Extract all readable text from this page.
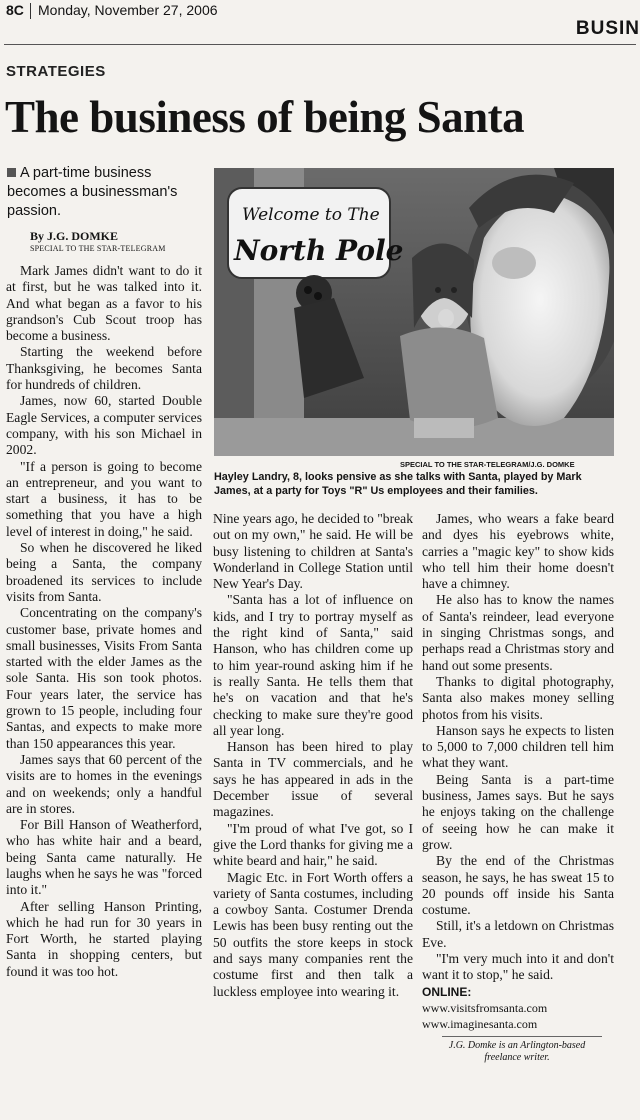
8C Monday, November 27, 2006
BUSIN
STRATEGIES
The business of being Santa
A part-time business becomes a businessman's passion.
By J.G. DOMKE
SPECIAL TO THE STAR-TELEGRAM
Welcome to The
North Pole
SPECIAL TO THE STAR-TELEGRAM/J.G. DOMKE
Hayley Landry, 8, looks pensive as she talks with Santa, played by Mark James, at a party for Toys "R" Us employees and their families.

Mark James didn't want to do it at first, but he was talked into it. And what began as a favor to his grandson's Cub Scout troop has become a business.

Starting the weekend before Thanksgiving, he becomes Santa for hundreds of children.

James, now 60, started Double Eagle Services, a computer services company, with his son Michael in 2002.

"If a person is going to become an entrepreneur, and you want to start a business, it has to be something that you have a high level of interest in doing," he said.

So when he discovered he liked being a Santa, the company broadened its services to include visits from Santa.

Concentrating on the company's customer base, private homes and small businesses, Visits From Santa started with the elder James as the sole Santa. His son took photos. Four years later, the service has grown to 15 people, including four Santas, and expects to make more than 150 appearances this year.

James says that 60 percent of the visits are to homes in the evenings and on weekends; only a handful are in stores.

For Bill Hanson of Weatherford, who has white hair and a beard, being Santa came naturally. He laughs when he says he was "forced into it."

After selling Hanson Printing, which he had run for 30 years in Fort Worth, he started playing Santa in shopping centers, but found it was too hot.

Nine years ago, he decided to "break out on my own," he said. He will be busy listening to children at Santa's Wonderland in College Station until New Year's Day.

"Santa has a lot of influence on kids, and I try to portray myself as the right kind of Santa," said Hanson, who has children come up to him year-round asking him if he is really Santa. He tells them that he's on vacation and that he's checking to make sure they're good all year long.

Hanson has been hired to play Santa in TV commercials, and he says he has appeared in ads in the December issue of several magazines.

"I'm proud of what I've got, so I give the Lord thanks for giving me a white beard and hair," he said.

Magic Etc. in Fort Worth offers a variety of Santa costumes, including a cowboy Santa. Costumer Drenda Lewis has been busy renting out the 50 outfits the store keeps in stock and says many companies rent the costume first and then talk a luckless employee into wearing it.

James, who wears a fake beard and dyes his eyebrows white, carries a "magic key" to show kids who tell him their home doesn't have a chimney.

He also has to know the names of Santa's reindeer, lead everyone in singing Christmas songs, and perhaps read a Christmas story and hand out some presents.

Thanks to digital photography, Santa also makes money selling photos from his visits.

Hanson says he expects to listen to 5,000 to 7,000 children tell him what they want.

Being Santa is a part-time business, James says. But he says he enjoys taking on the challenge of seeing how he can make it grow.

By the end of the Christmas season, he says, he has sweat 15 to 20 pounds off inside his Santa costume.

Still, it's a letdown on Christmas Eve.

"I'm very much into it and don't want it to stop," he said.

ONLINE:
www.visitsfromsanta.com
www.imaginesanta.com
J.G. Domke is an Arlington-based freelance writer.
